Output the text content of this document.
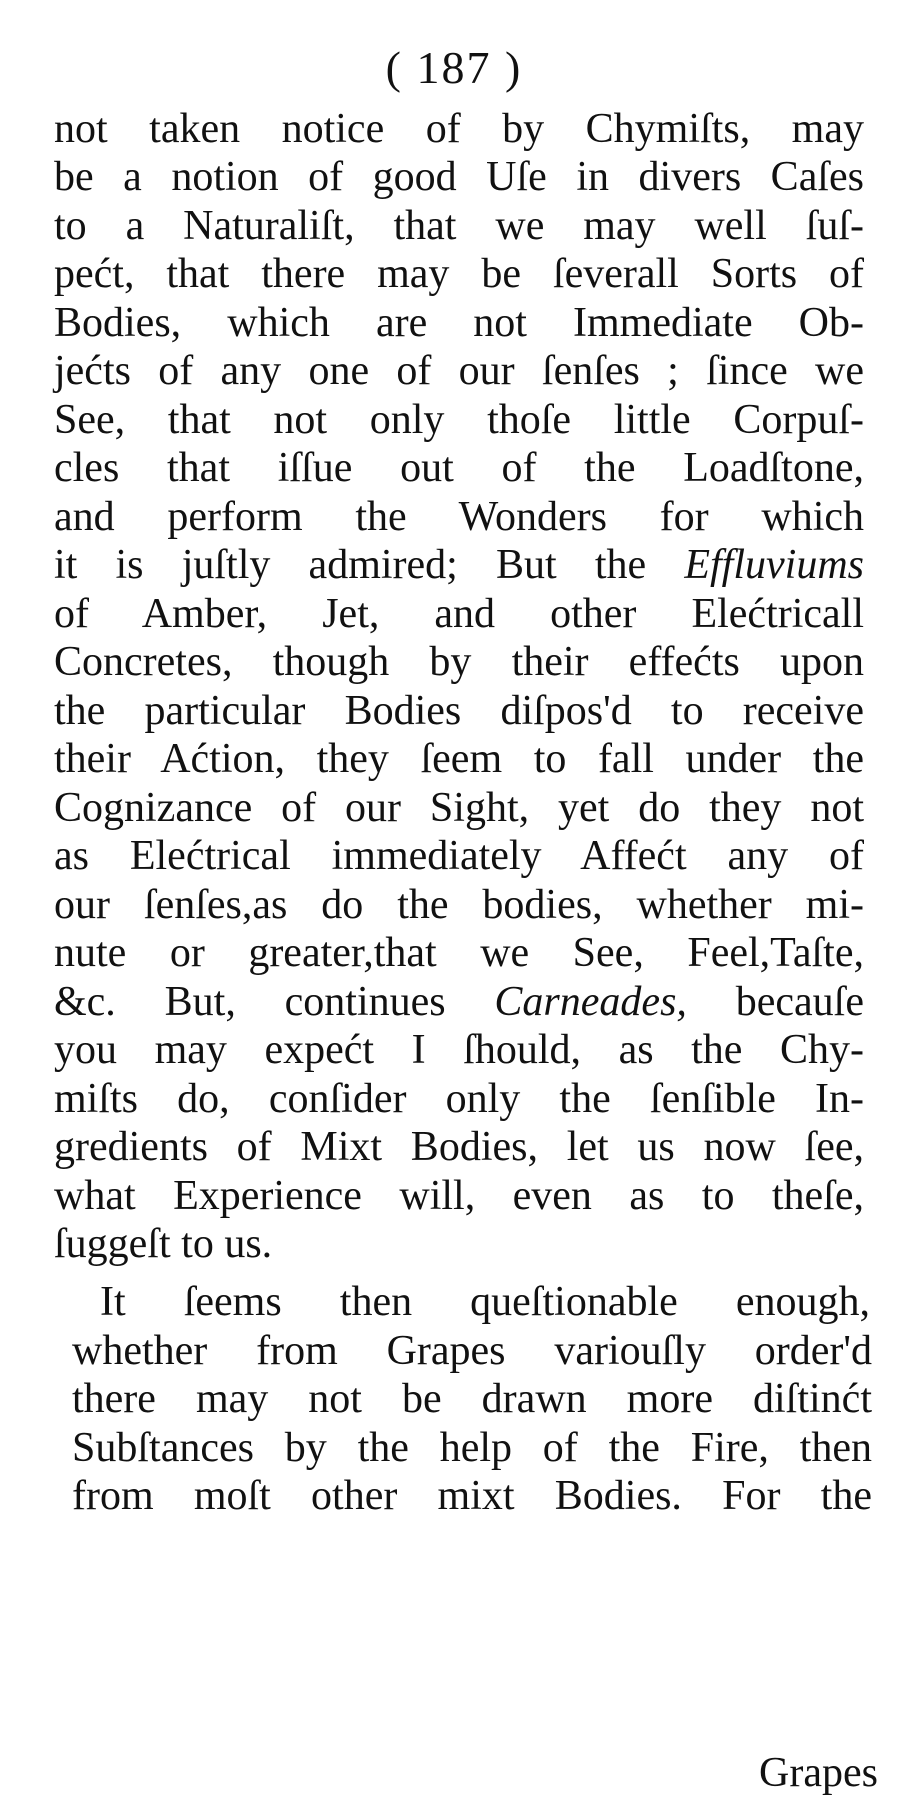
( 187 )
not taken notice of by Chymiſts, may
be a notion of good Uſe in divers Caſes
to a Naturaliſt, that we may well ſuſ-
pećt, that there may be ſeverall Sorts of
Bodies, which are not Immediate Ob-
jećts of any one of our ſenſes ; ſince we
See, that not only thoſe little Corpuſ-
cles that iſſue out of the Loadſtone,
and perform the Wonders for which
it is juſtly admired; But the Effluviums
of Amber, Jet, and other Elećtricall
Concretes, though by their effećts upon
the particular Bodies diſpos'd to receive
their Aćtion, they ſeem to fall under the
Cognizance of our Sight, yet do they not
as Elećtrical immediately Affećt any of
our ſenſes,as do the bodies, whether mi-
nute or greater,that we See, Feel,Taſte,
&c. But, continues Carneades, becauſe
you may expećt I ſhould, as the Chy-
miſts do, conſider only the ſenſible In-
gredients of Mixt Bodies, let us now ſee,
what Experience will, even as to theſe,
ſuggeſt to us.
It ſeems then queſtionable enough,
whether from Grapes variouſly order'd
there may not be drawn more diſtinćt
Subſtances by the help of the Fire, then
from moſt other mixt Bodies. For the
Grapes
